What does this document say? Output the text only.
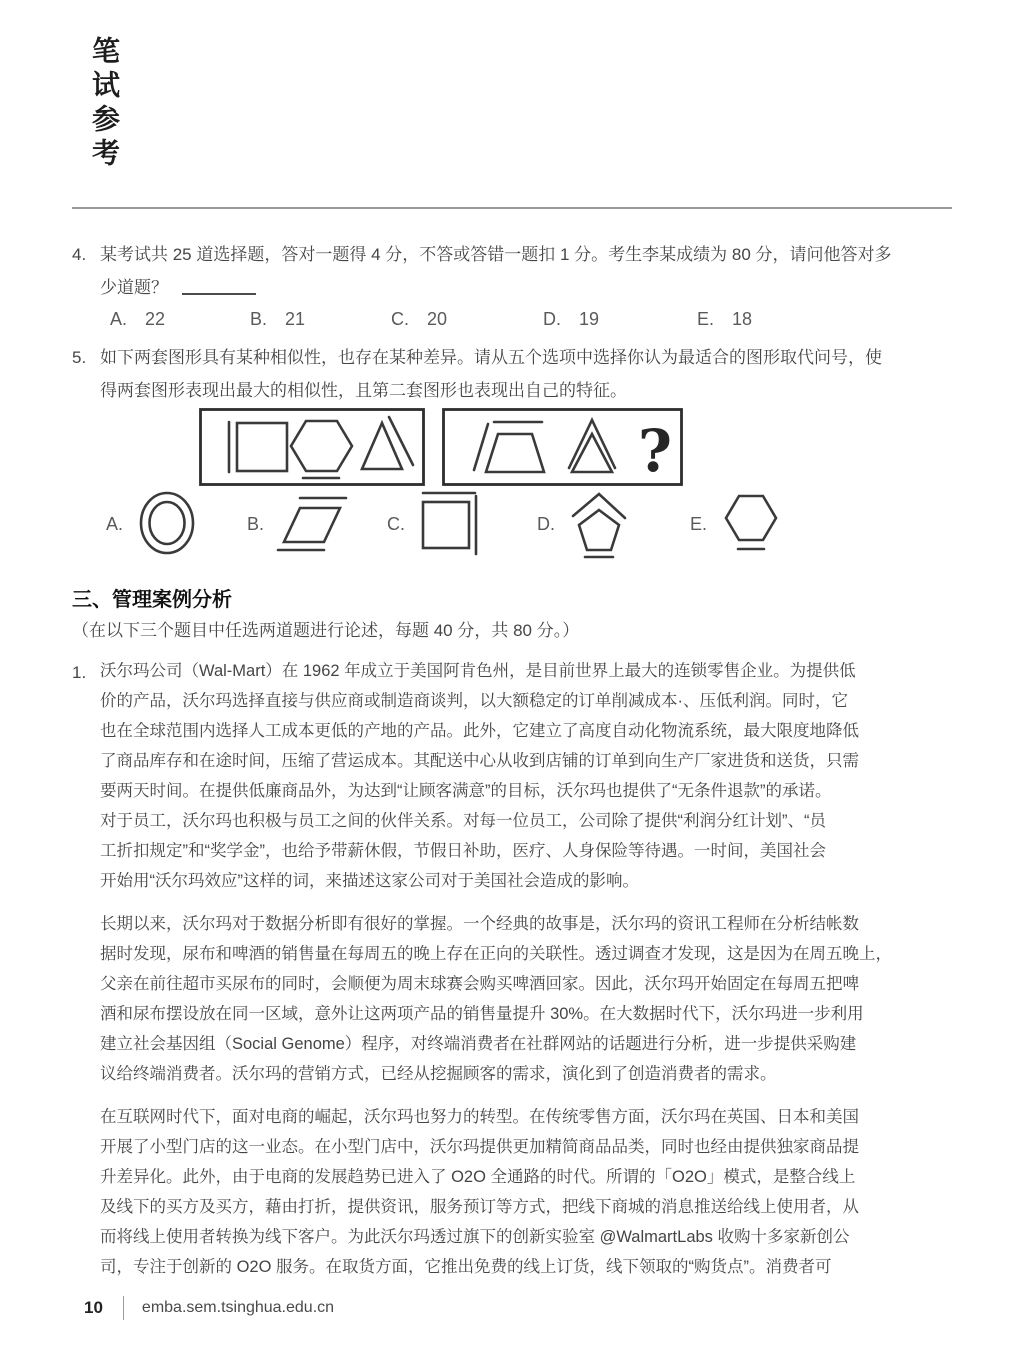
笔试参考
4. 某考试共 25 道选择题，答对一题得 4 分，不答或答错一题扣 1 分。考生李某成绩为 80 分，请问他答对多
少道题？
A. 22	B. 21	C. 20	D. 19	E. 18
5. 如下两套图形具有某种相似性，也存在某种差异。请从五个选项中选择你认为最适合的图形取代问号，使
得两套图形表现出最大的相似性，且第二套图形也表现出自己的特征。
?
A.	B.	C.	D.	E.
三、管理案例分析
（在以下三个题目中任选两道题进行论述，每题 40 分，共 80 分。）
1. 沃尔玛公司（Wal-Mart）在 1962 年成立于美国阿肯色州，是目前世界上最大的连锁零售企业。为提供低
价的产品，沃尔玛选择直接与供应商或制造商谈判，以大额稳定的订单削减成本·、压低利润。同时，它
也在全球范围内选择人工成本更低的产地的产品。此外，它建立了高度自动化物流系统，最大限度地降低
了商品库存和在途时间，压缩了营运成本。其配送中心从收到店铺的订单到向生产厂家进货和送货，只需
要两天时间。在提供低廉商品外，为达到“让顾客满意”的目标，沃尔玛也提供了“无条件退款”的承诺。
对于员工，沃尔玛也积极与员工之间的伙伴关系。对每一位员工，公司除了提供“利润分红计划”、“员
工折扣规定”和“奖学金”，也给予带薪休假，节假日补助，医疗、人身保险等待遇。一时间，美国社会
开始用“沃尔玛效应”这样的词，来描述这家公司对于美国社会造成的影响。
长期以来，沃尔玛对于数据分析即有很好的掌握。一个经典的故事是，沃尔玛的资讯工程师在分析结帐数
据时发现，尿布和啤酒的销售量在每周五的晚上存在正向的关联性。透过调查才发现，这是因为在周五晚上，
父亲在前往超市买尿布的同时，会顺便为周末球赛会购买啤酒回家。因此，沃尔玛开始固定在每周五把啤
酒和尿布摆设放在同一区域，意外让这两项产品的销售量提升 30%。在大数据时代下，沃尔玛进一步利用
建立社会基因组（Social Genome）程序，对终端消费者在社群网站的话题进行分析，进一步提供采购建
议给终端消费者。沃尔玛的营销方式，已经从挖掘顾客的需求，演化到了创造消费者的需求。
在互联网时代下，面对电商的崛起，沃尔玛也努力的转型。在传统零售方面，沃尔玛在英国、日本和美国
开展了小型门店的这一业态。在小型门店中，沃尔玛提供更加精简商品品类，同时也经由提供独家商品提
升差异化。此外，由于电商的发展趋势已进入了 O2O 全通路的时代。所谓的「O2O」模式，是整合线上
及线下的买方及买方，藉由打折，提供资讯，服务预订等方式，把线下商城的消息推送给线上使用者，从
而将线上使用者转换为线下客户。为此沃尔玛透过旗下的创新实验室 @WalmartLabs 收购十多家新创公
司，专注于创新的 O2O 服务。在取货方面，它推出免费的线上订货，线下领取的“购货点”。消费者可
10 emba.sem.tsinghua.edu.cn
